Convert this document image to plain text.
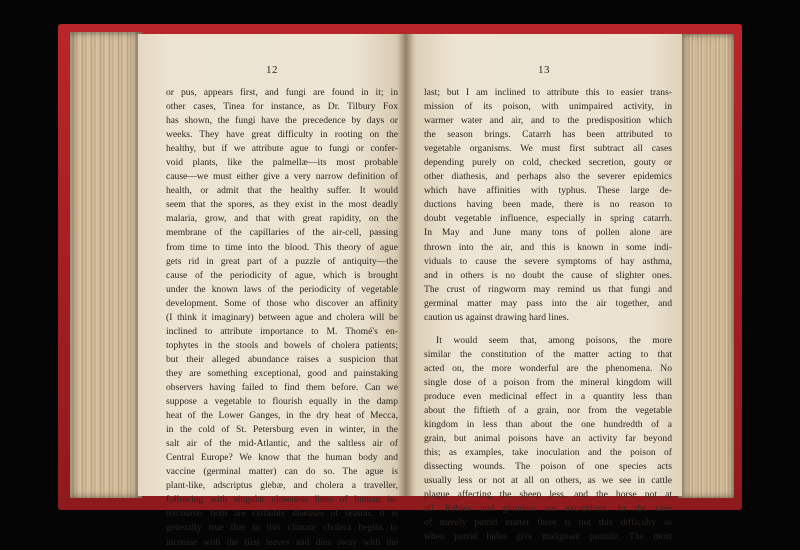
12
or pus, appears first, and fungi are found in it; in
other cases, Tinea for instance, as Dr. Tilbury Fox
has shown, the fungi have the precedence by days or
weeks. They have great difficulty in rooting on the
healthy, but if we attribute ague to fungi or confer-
void plants, like the palmellæ—its most probable
cause—we must either give a very narrow definition of
health, or admit that the healthy suffer. It would
seem that the spores, as they exist in the most deadly
malaria, grow, and that with great rapidity, on the
membrane of the capillaries of the air-cell, passing
from time to time into the blood. This theory of ague
gets rid in great part of a puzzle of antiquity—the
cause of the periodicity of ague, which is brought
under the known laws of the periodicity of vegetable
development. Some of those who discover an affinity
(I think it imaginary) between ague and cholera will be
inclined to attribute importance to M. Thomé's en-
tophytes in the stools and bowels of cholera patients;
but their alleged abundance raises a suspicion that
they are something exceptional, good and painstaking
observers having failed to find them before. Can we
suppose a vegetable to flourish equally in the damp
heat of the Lower Ganges, in the dry heat of Mecca,
in the cold of St. Petersburg even in winter, in the
salt air of the mid-Atlantic, and the saltless air of
Central Europe? We know that the human body and
vaccine (germinal matter) can do so. The ague is
plant-like, adscriptus glebæ, and cholera a traveller,
following with singular closeness lines of human in-
tercourse: both are certainly diseases of season. It is
generally true that in this climate cholera begins to
increase with the first leaves and dies away with the
13
last; but I am inclined to attribute this to easier trans-
mission of its poison, with unimpaired activity, in
warmer water and air, and to the predisposition which
the season brings. Catarrh has been attributed to
vegetable organisms. We must first subtract all cases
depending purely on cold, checked secretion, gouty or
other diathesis, and perhaps also the severer epidemics
which have affinities with typhus. These large de-
ductions having been made, there is no reason to
doubt vegetable influence, especially in spring catarrh.
In May and June many tons of pollen alone are
thrown into the air, and this is known in some indi-
viduals to cause the severe symptoms of hay asthma,
and in others is no doubt the cause of slighter ones.
The crust of ringworm may remind us that fungi and
germinal matter may pass into the air together, and
caution us against drawing hard lines.
It would seem that, among poisons, the more
similar the constitution of the matter acting to that
acted on, the more wonderful are the phenomena. No
single dose of a poison from the mineral kingdom will
produce even medicinal effect in a quantity less than
about the fiftieth of a grain, nor from the vegetable
kingdom in less than about the one hundredth of a
grain, but animal poisons have an activity far beyond
this; as examples, take inoculation and the poison of
dissecting wounds. The poison of one species acts
usually less or not at all on others, as we see in cattle
plague affecting the sheep less, and the horse not at
all. Rabies and glanders are exceptions. In the case
of merely putrid matter there is not this difficulty as
when putrid hides give malignant pustule. The most
